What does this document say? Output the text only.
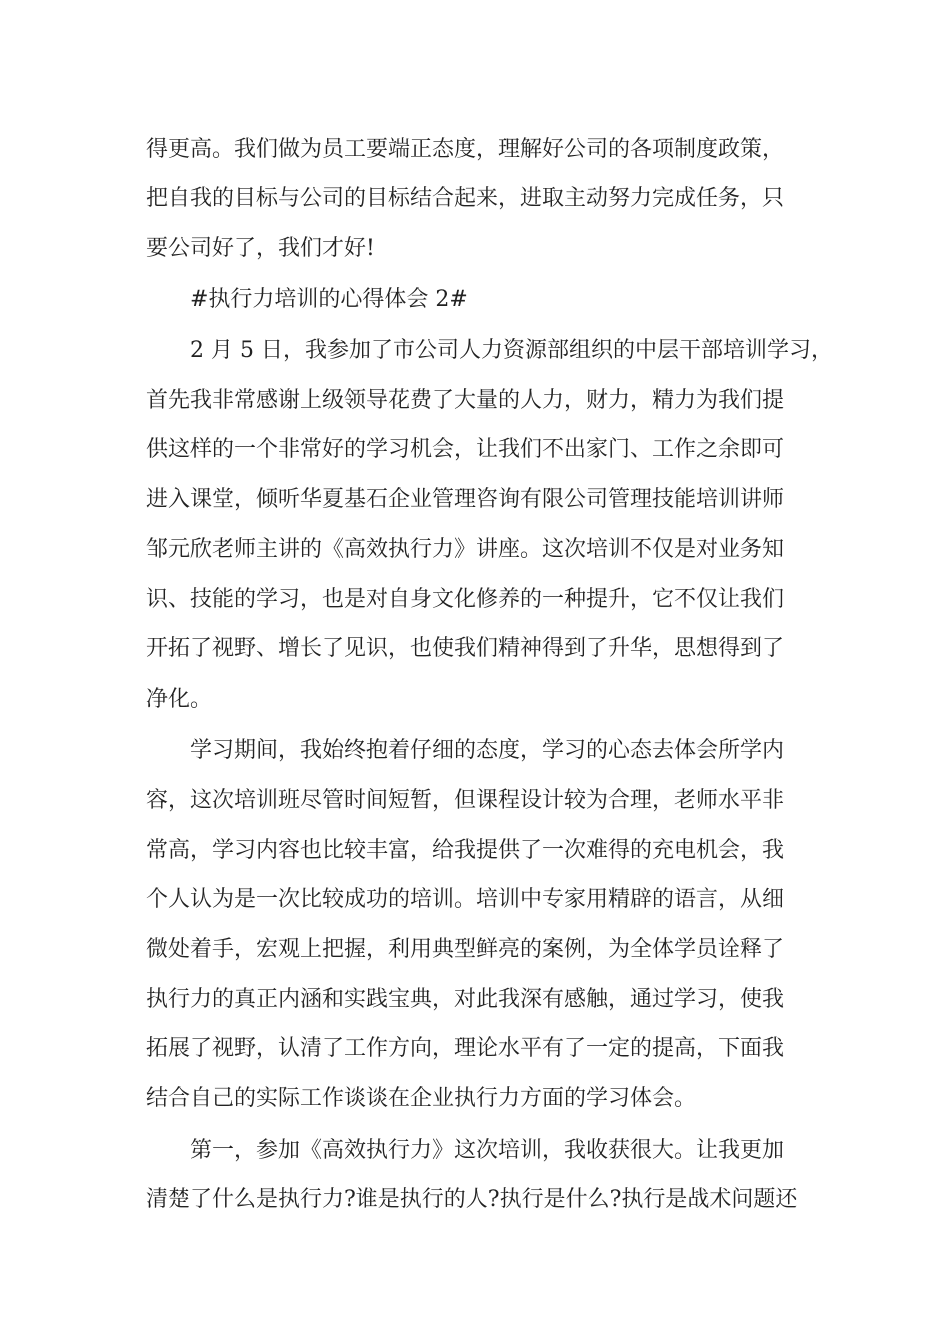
得更高。我们做为员工要端正态度，理解好公司的各项制度政策，
把自我的目标与公司的目标结合起来，进取主动努力完成任务，只
要公司好了，我们才好!
#执行力培训的心得体会 2#
2 月 5 日，我参加了市公司人力资源部组织的中层干部培训学习，
首先我非常感谢上级领导花费了大量的人力，财力，精力为我们提
供这样的一个非常好的学习机会，让我们不出家门、工作之余即可
进入课堂，倾听华夏基石企业管理咨询有限公司管理技能培训讲师
邹元欣老师主讲的《高效执行力》讲座。这次培训不仅是对业务知
识、技能的学习，也是对自身文化修养的一种提升，它不仅让我们
开拓了视野、增长了见识，也使我们精神得到了升华，思想得到了
净化。
学习期间，我始终抱着仔细的态度，学习的心态去体会所学内
容，这次培训班尽管时间短暂，但课程设计较为合理，老师水平非
常高，学习内容也比较丰富，给我提供了一次难得的充电机会，我
个人认为是一次比较成功的培训。培训中专家用精辟的语言，从细
微处着手，宏观上把握，利用典型鲜亮的案例，为全体学员诠释了
执行力的真正内涵和实践宝典，对此我深有感触，通过学习，使我
拓展了视野，认清了工作方向，理论水平有了一定的提高，下面我
结合自己的实际工作谈谈在企业执行力方面的学习体会。
第一，参加《高效执行力》这次培训，我收获很大。让我更加
清楚了什么是执行力?谁是执行的人?执行是什么?执行是战术问题还
